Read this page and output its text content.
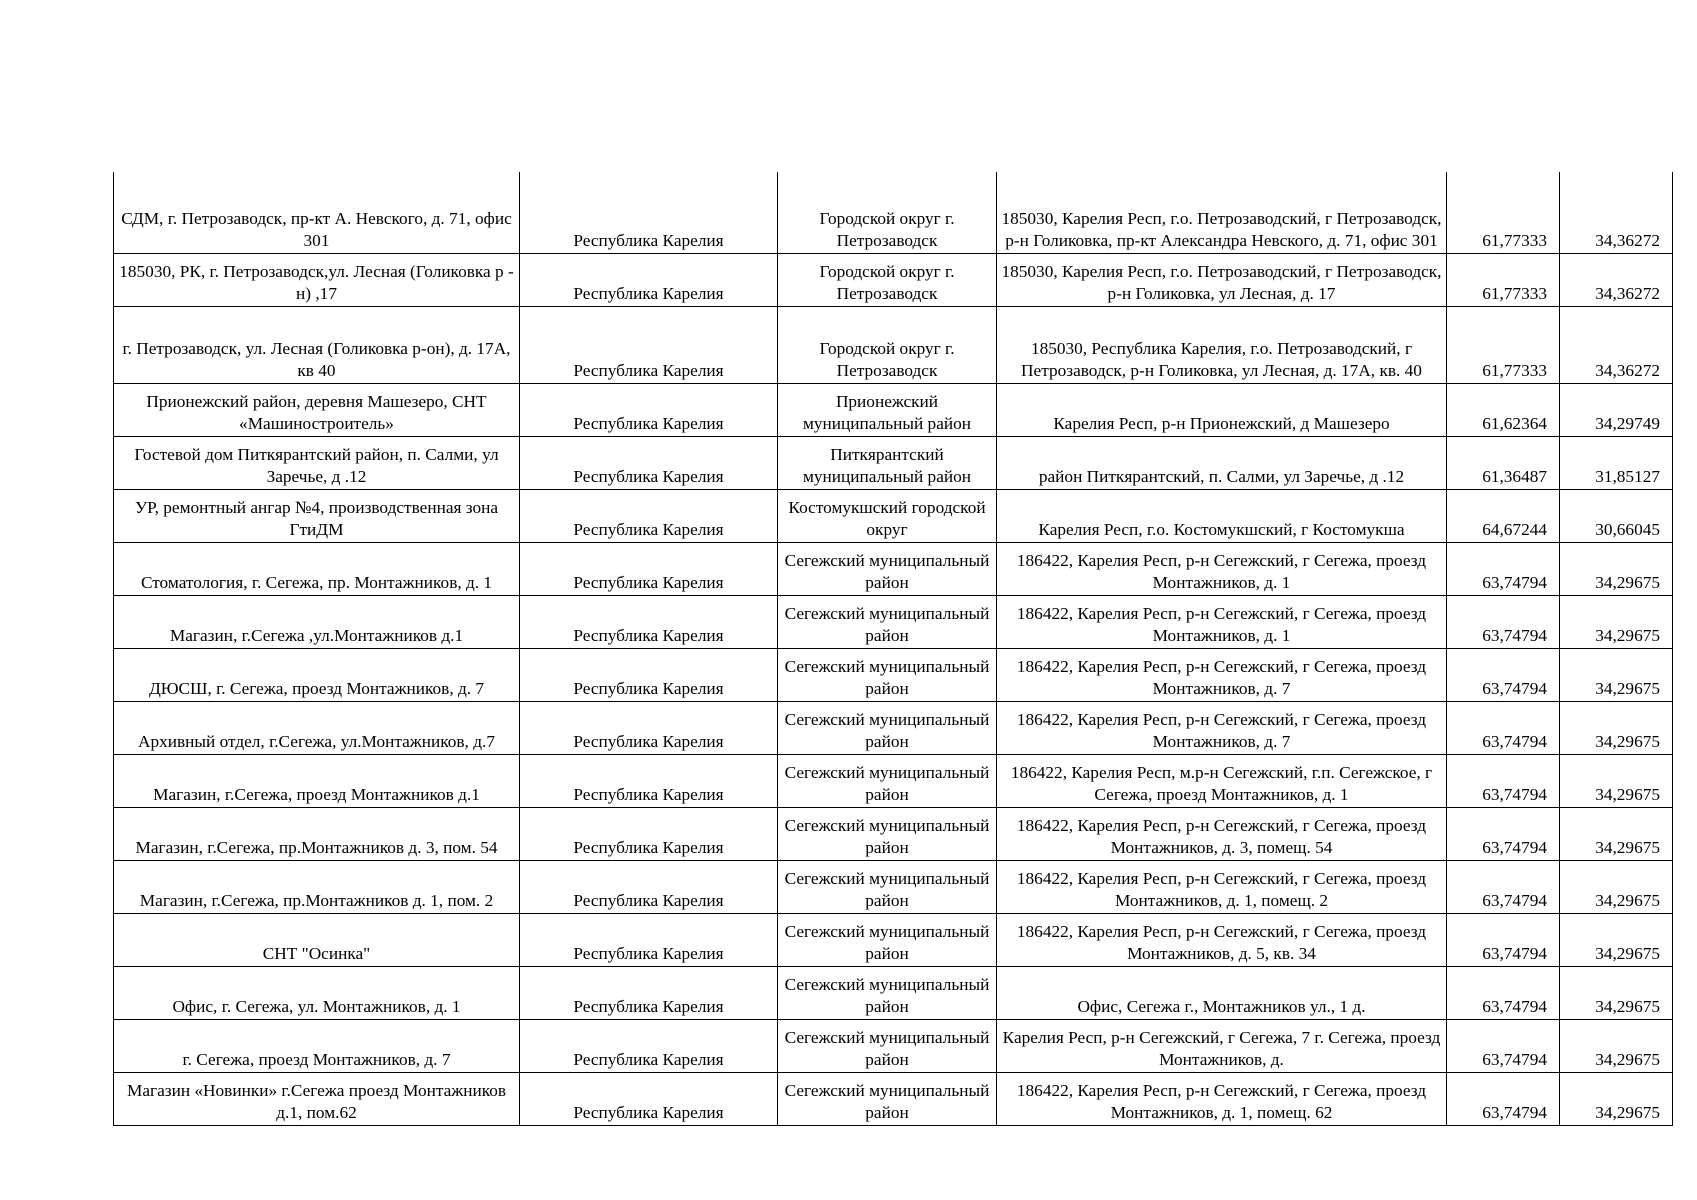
СДМ, г. Петрозаводск, пр-кт А. Невского, д. 71, офис 301	Республика Карелия	Городской округ г. Петрозаводск	185030, Карелия Респ, г.о. Петрозаводский, г Петрозаводск, р-н Голиковка, пр-кт Александра Невского, д. 71, офис 301	61,77333	34,36272
185030, РК, г. Петрозаводск,ул. Лесная (Голиковка р - н) ,17	Республика Карелия	Городской округ г. Петрозаводск	185030, Карелия Респ, г.о. Петрозаводский, г Петрозаводск, р-н Голиковка, ул Лесная, д. 17	61,77333	34,36272
г. Петрозаводск, ул. Лесная (Голиковка р-он), д. 17А, кв 40	Республика Карелия	Городской округ г. Петрозаводск	185030, Республика Карелия, г.о. Петрозаводский, г Петрозаводск, р-н Голиковка, ул Лесная, д. 17А, кв. 40	61,77333	34,36272
Прионежский район, деревня Машезеро, СНТ «Машиностроитель»	Республика Карелия	Прионежский муниципальный район	Карелия Респ, р-н Прионежский, д Машезеро	61,62364	34,29749
Гостевой дом Питкярантский район, п. Салми, ул Заречье, д .12	Республика Карелия	Питкярантский муниципальный район	район Питкярантский, п. Салми, ул Заречье, д .12	61,36487	31,85127
УР, ремонтный ангар №4, производственная зона ГтиДМ	Республика Карелия	Костомукшский городской округ	Карелия Респ, г.о. Костомукшский, г Костомукша	64,67244	30,66045
Стоматология, г. Сегежа, пр. Монтажников, д. 1	Республика Карелия	Сегежский муниципальный район	186422, Карелия Респ, р-н Сегежский, г Сегежа, проезд Монтажников, д. 1	63,74794	34,29675
Магазин, г.Сегежа ,ул.Монтажников д.1	Республика Карелия	Сегежский муниципальный район	186422, Карелия Респ, р-н Сегежский, г Сегежа, проезд Монтажников, д. 1	63,74794	34,29675
ДЮСШ, г. Сегежа, проезд Монтажников, д. 7	Республика Карелия	Сегежский муниципальный район	186422, Карелия Респ, р-н Сегежский, г Сегежа, проезд Монтажников, д. 7	63,74794	34,29675
Архивный отдел, г.Сегежа, ул.Монтажников, д.7	Республика Карелия	Сегежский муниципальный район	186422, Карелия Респ, р-н Сегежский, г Сегежа, проезд Монтажников, д. 7	63,74794	34,29675
Магазин, г.Сегежа, проезд Монтажников д.1	Республика Карелия	Сегежский муниципальный район	186422, Карелия Респ, м.р-н Сегежский, г.п. Сегежское, г Сегежа, проезд Монтажников, д. 1	63,74794	34,29675
Магазин, г.Сегежа, пр.Монтажников д. 3, пом. 54	Республика Карелия	Сегежский муниципальный район	186422, Карелия Респ, р-н Сегежский, г Сегежа, проезд Монтажников, д. 3, помещ. 54	63,74794	34,29675
Магазин, г.Сегежа, пр.Монтажников д. 1, пом. 2	Республика Карелия	Сегежский муниципальный район	186422, Карелия Респ, р-н Сегежский, г Сегежа, проезд Монтажников, д. 1, помещ. 2	63,74794	34,29675
СНТ "Осинка"	Республика Карелия	Сегежский муниципальный район	186422, Карелия Респ, р-н Сегежский, г Сегежа, проезд Монтажников, д. 5, кв. 34	63,74794	34,29675
Офис, г. Сегежа, ул. Монтажников, д. 1	Республика Карелия	Сегежский муниципальный район	Офис, Сегежа г., Монтажников ул., 1 д.	63,74794	34,29675
г. Сегежа, проезд Монтажников, д. 7	Республика Карелия	Сегежский муниципальный район	Карелия Респ, р-н Сегежский, г Сегежа, 7 г. Сегежа, проезд Монтажников, д.	63,74794	34,29675
Магазин «Новинки» г.Сегежа проезд Монтажников д.1, пом.62	Республика Карелия	Сегежский муниципальный район	186422, Карелия Респ, р-н Сегежский, г Сегежа, проезд Монтажников, д. 1, помещ. 62	63,74794	34,29675
